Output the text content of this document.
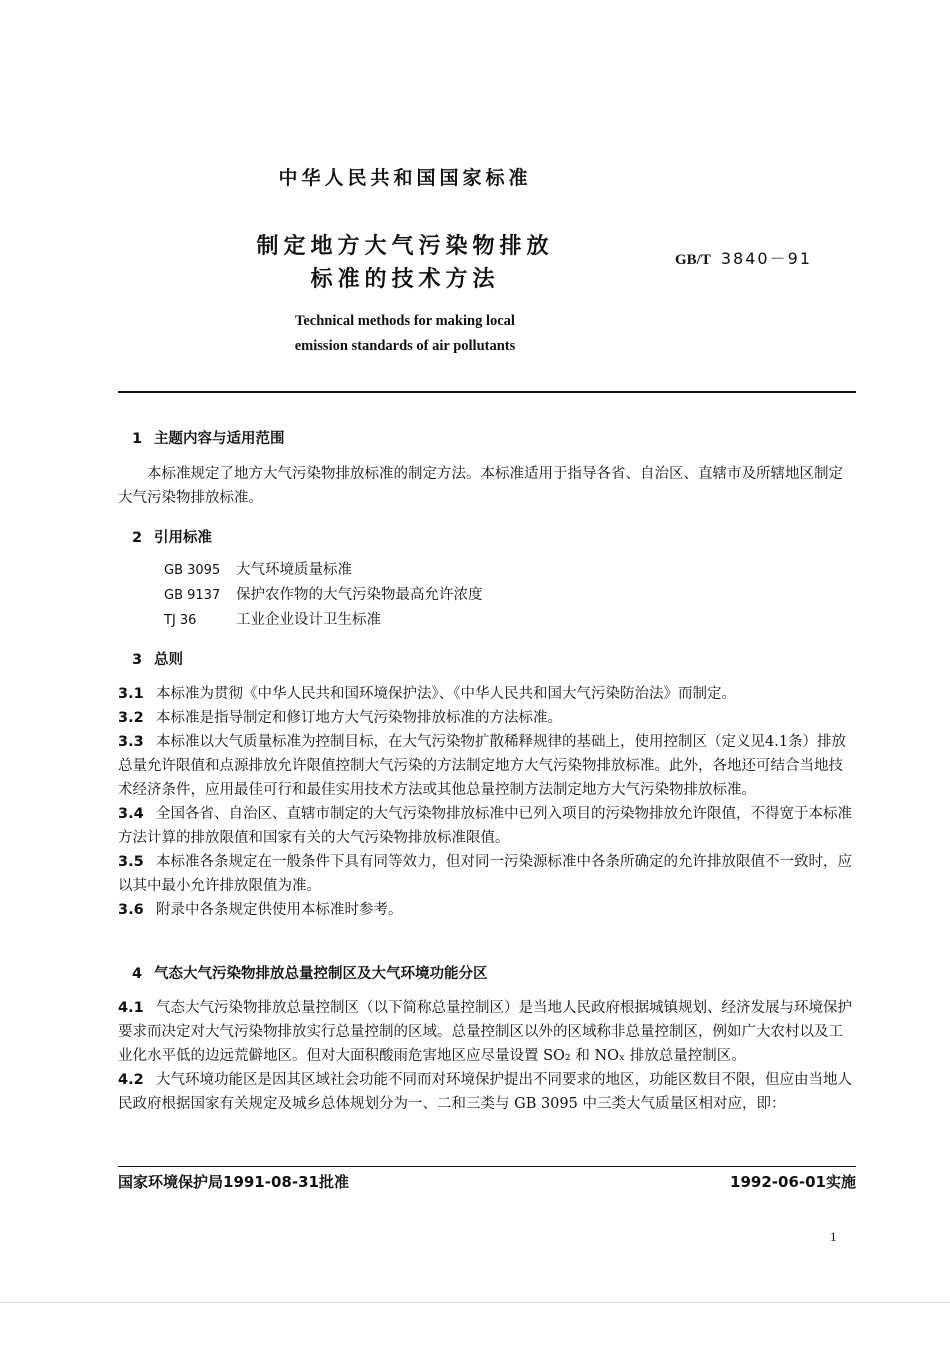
中华人民共和国国家标准
制定地方大气污染物排放
标准的技术方法
GB/T 3840－91
Technical methods for making local
emission standards of air pollutants

1 主题内容与适用范围

本标准规定了地方大气污染物排放标准的制定方法。本标准适用于指导各省、自治区、直辖市及所辖地区制定大气污染物排放标准。

2 引用标准

GB 3095 大气环境质量标准

GB 9137 保护农作物的大气污染物最高允许浓度

TJ 36	工业企业设计卫生标准

3 总则

3.1 本标准为贯彻《中华人民共和国环境保护法》、《中华人民共和国大气污染防治法》而制定。

3.2 本标准是指导制定和修订地方大气污染物排放标准的方法标准。

3.3 本标准以大气质量标准为控制目标，在大气污染物扩散稀释规律的基础上，使用控制区（定义见4.1条）排放总量允许限值和点源排放允许限值控制大气污染的方法制定地方大气污染物排放标准。此外，各地还可结合当地技术经济条件，应用最佳可行和最佳实用技术方法或其他总量控制方法制定地方大气污染物排放标准。

3.4 全国各省、自治区、直辖市制定的大气污染物排放标准中已列入项目的污染物排放允许限值，不得宽于本标准方法计算的排放限值和国家有关的大气污染物排放标准限值。

3.5 本标准各条规定在一般条件下具有同等效力，但对同一污染源标准中各条所确定的允许排放限值不一致时，应以其中最小允许排放限值为准。

3.6 附录中各条规定供使用本标准时参考。

4 气态大气污染物排放总量控制区及大气环境功能分区

4.1 气态大气污染物排放总量控制区（以下简称总量控制区）是当地人民政府根据城镇规划、经济发展与环境保护要求而决定对大气污染物排放实行总量控制的区域。总量控制区以外的区域称非总量控制区，例如广大农村以及工业化水平低的边远荒僻地区。但对大面积酸雨危害地区应尽量设置 SO₂ 和 NOₓ 排放总量控制区。

4.2 大气环境功能区是因其区域社会功能不同而对环境保护提出不同要求的地区，功能区数目不限，但应由当地人民政府根据国家有关规定及城乡总体规划分为一、二和三类与 GB 3095 中三类大气质量区相对应，即：

国家环境保护局1991-08-31批准	1992-06-01实施
1
